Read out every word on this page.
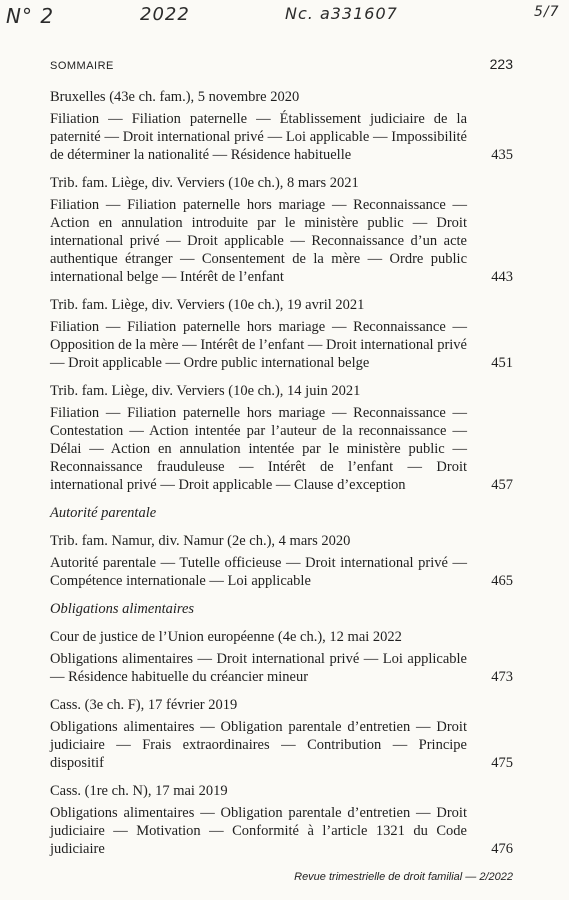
N° 2	2022	Nc. a331607	5/7
SOMMAIRE	223

Bruxelles (43e ch. fam.), 5 novembre 2020

Filiation — Filiation paternelle — Établissement judiciaire de la paternité — Droit international privé — Loi applicable — Impossibilité de déterminer la nationalité — Résidence habituelle	435

Trib. fam. Liège, div. Verviers (10e ch.), 8 mars 2021

Filiation — Filiation paternelle hors mariage — Reconnaissance — Action en annulation introduite par le ministère public — Droit international privé — Droit applicable — Reconnaissance d’un acte authentique étranger — Consentement de la mère — Ordre public international belge — Intérêt de l’enfant	443

Trib. fam. Liège, div. Verviers (10e ch.), 19 avril 2021

Filiation — Filiation paternelle hors mariage — Reconnaissance — Opposition de la mère — Intérêt de l’enfant — Droit international privé — Droit applicable — Ordre public international belge	451

Trib. fam. Liège, div. Verviers (10e ch.), 14 juin 2021

Filiation — Filiation paternelle hors mariage — Reconnaissance — Contestation — Action intentée par l’auteur de la reconnaissance — Délai — Action en annulation intentée par le ministère public — Reconnaissance frauduleuse — Intérêt de l’enfant — Droit international privé — Droit applicable — Clause d’exception	457

Autorité parentale

Trib. fam. Namur, div. Namur (2e ch.), 4 mars 2020

Autorité parentale — Tutelle officieuse — Droit international privé — Compétence internationale — Loi applicable	465

Obligations alimentaires

Cour de justice de l’Union européenne (4e ch.), 12 mai 2022

Obligations alimentaires — Droit international privé — Loi applicable — Résidence habituelle du créancier mineur	473

Cass. (3e ch. F), 17 février 2019

Obligations alimentaires — Obligation parentale d’entretien — Droit judiciaire — Frais extraordinaires — Contribution — Principe dispositif	475

Cass. (1re ch. N), 17 mai 2019

Obligations alimentaires — Obligation parentale d’entretien — Droit judiciaire — Motivation — Conformité à l’article 1321 du Code judiciaire	476
Revue trimestrielle de droit familial — 2/2022
